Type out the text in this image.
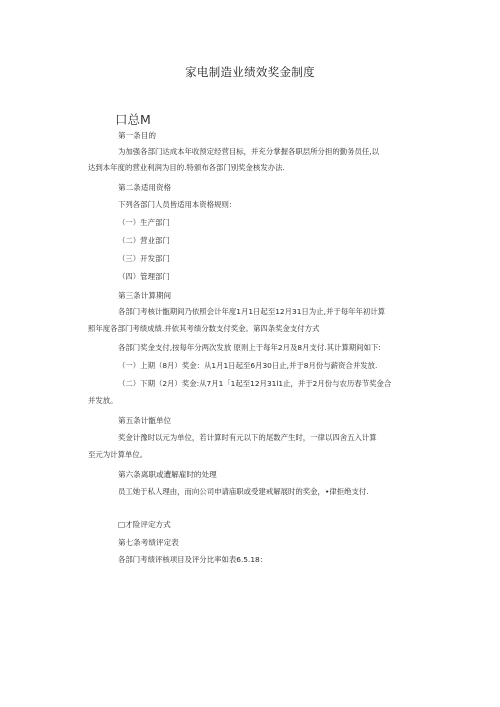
家电制造业绩效奖金制度
口总M
第一条目的
为加强各部门达成本年收预定经营目标，并充分掌握各职层所分担的勤务员任,以
达到本年度的营业利润为目的.特颁布各部门别奖金核发办法.
第二条适用资格
下列各部门人员皆适用本资格规则：
（一）生产部门
（二）营业部门
（三）开发部门
（四）管理部门
第三条计算期间
各部门考核计甑期间乃依照会计年度1月1日起至12月31日为止,并于每年年初计算
照年度各部门考绩成绩.并依其考绩分数支付奖金。第四条奖金支付方式
各部门奖金支付,按每年分两次发放 原则上于每年2月及8月支付.其计算期间如下:
（一）上期（8月）奖金：从1月1日起至6月30日止,并于8月份与薪资合并发放.
（二）下期（2月）奖金:从7月1「1起至12月31l1止，并于2月份与农历春节奖金合
并发放。
第五条计甑单位
奖金计豫时以元为单位，若计算时有元以下的尾数产生时，一律以四舍五入计算
至元为计算单位。
第六条离职或遭解雇时的处理
员工她于私人理由，而向公司申请庙职或受建戒解展时的奖金，•律拒绝支付.
□才险评定方式
第七条考绩评定表
各部门考绩评核项目及评分比率如表6.5.18：
